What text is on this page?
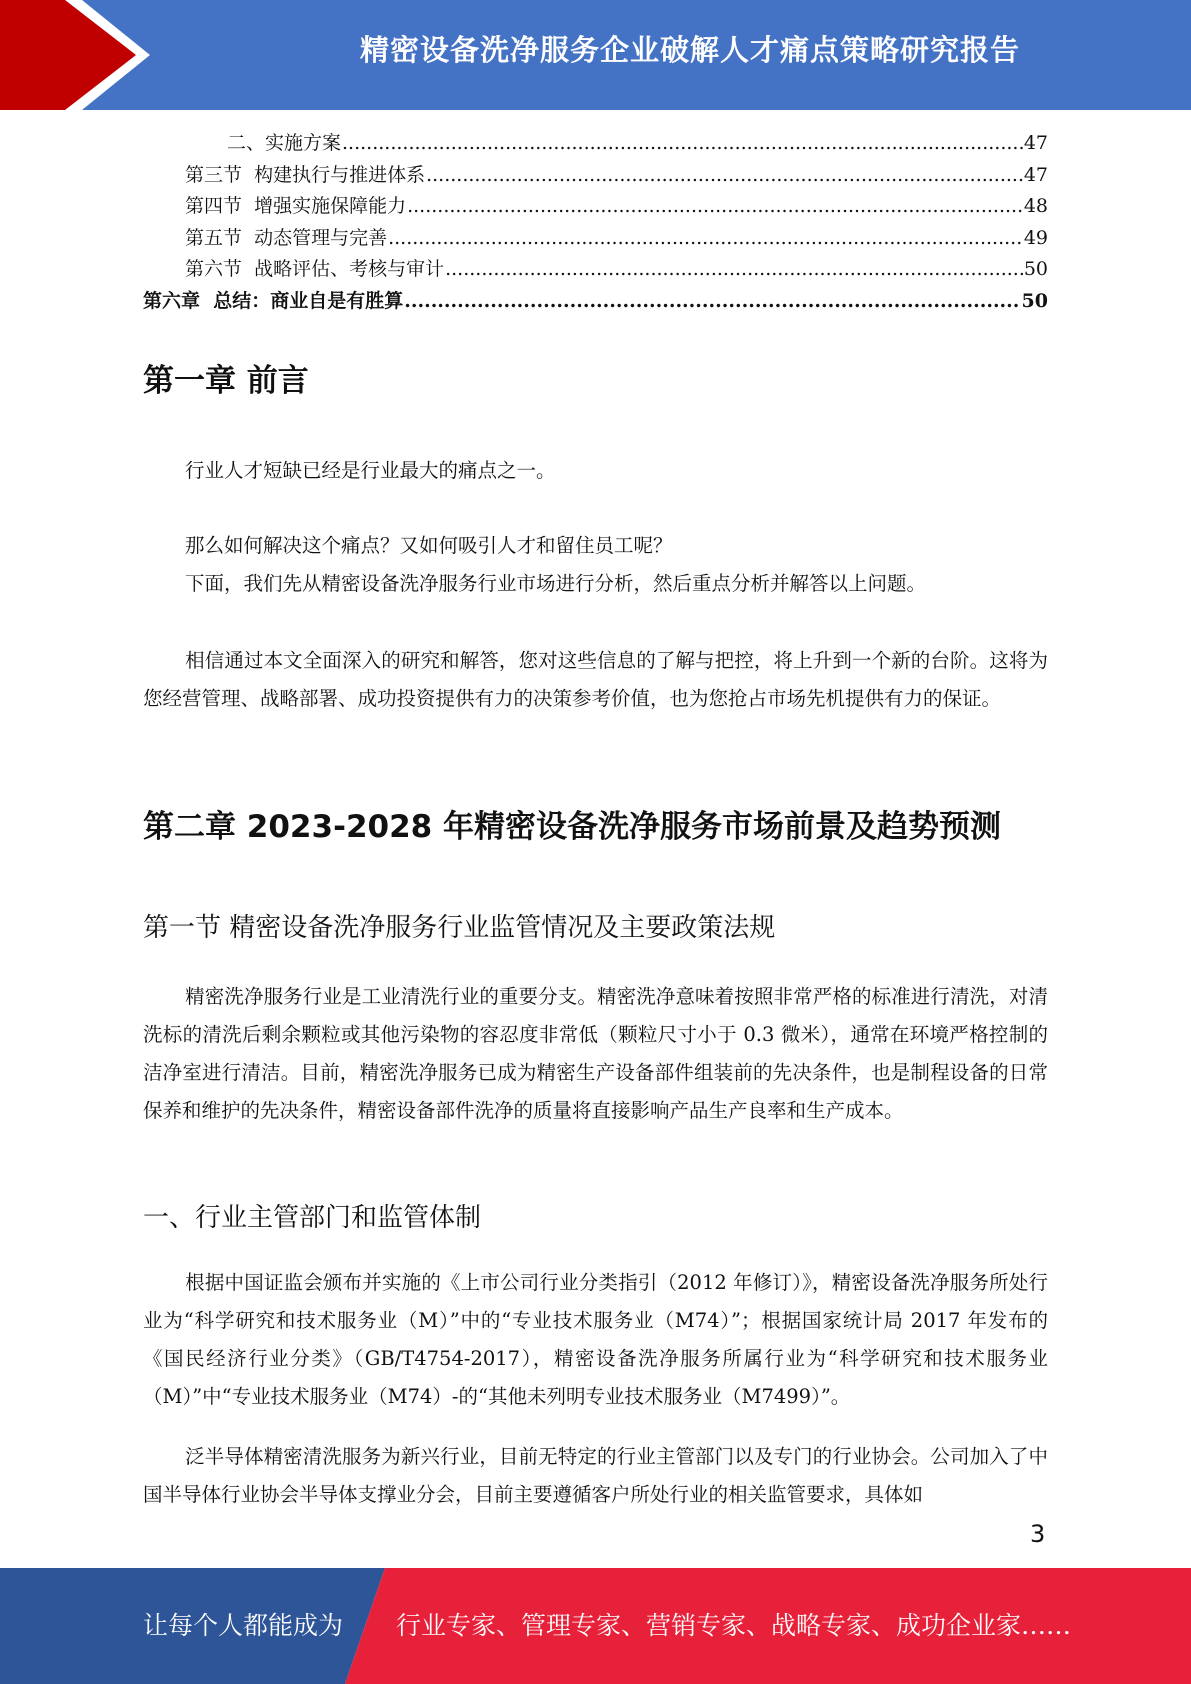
精密设备洗净服务企业破解人才痛点策略研究报告
二、实施方案 .....	47
第三节  构建执行与推进体系 .....	47
第四节  增强实施保障能力 .....	48
第五节  动态管理与完善 .....	49
第六节  战略评估、考核与审计 .....	50
第六章  总结：商业自是有胜算 .....	50
第一章 前言
行业人才短缺已经是行业最大的痛点之一。
那么如何解决这个痛点？又如何吸引人才和留住员工呢？
下面，我们先从精密设备洗净服务行业市场进行分析，然后重点分析并解答以上问题。
相信通过本文全面深入的研究和解答，您对这些信息的了解与把控，将上升到一个新的台阶。这将为您经营管理、战略部署、成功投资提供有力的决策参考价值，也为您抢占市场先机提供有力的保证。
第二章 2023-2028 年精密设备洗净服务市场前景及趋势预测
第一节 精密设备洗净服务行业监管情况及主要政策法规
精密洗净服务行业是工业清洗行业的重要分支。精密洗净意味着按照非常严格的标准进行清洗，对清洗标的清洗后剩余颗粒或其他污染物的容忍度非常低（颗粒尺寸小于 0.3 微米），通常在环境严格控制的洁净室进行清洁。目前，精密洗净服务已成为精密生产设备部件组装前的先决条件，也是制程设备的日常保养和维护的先决条件，精密设备部件洗净的质量将直接影响产品生产良率和生产成本。
一、行业主管部门和监管体制
根据中国证监会颁布并实施的《上市公司行业分类指引（2012 年修订）》，精密设备洗净服务所处行业为“科学研究和技术服务业（M）”中的“专业技术服务业（M74）”；根据国家统计局 2017 年发布的《国民经济行业分类》（GB/T4754-2017），精密设备洗净服务所属行业为“科学研究和技术服务业（M）”中“专业技术服务业（M74）-的“其他未列明专业技术服务业（M7499）”。
泛半导体精密清洗服务为新兴行业，目前无特定的行业主管部门以及专门的行业协会。公司加入了中国半导体行业协会半导体支撑业分会，目前主要遵循客户所处行业的相关监管要求，具体如
3
让每个人都能成为 行业专家、管理专家、营销专家、战略专家、成功企业家……
